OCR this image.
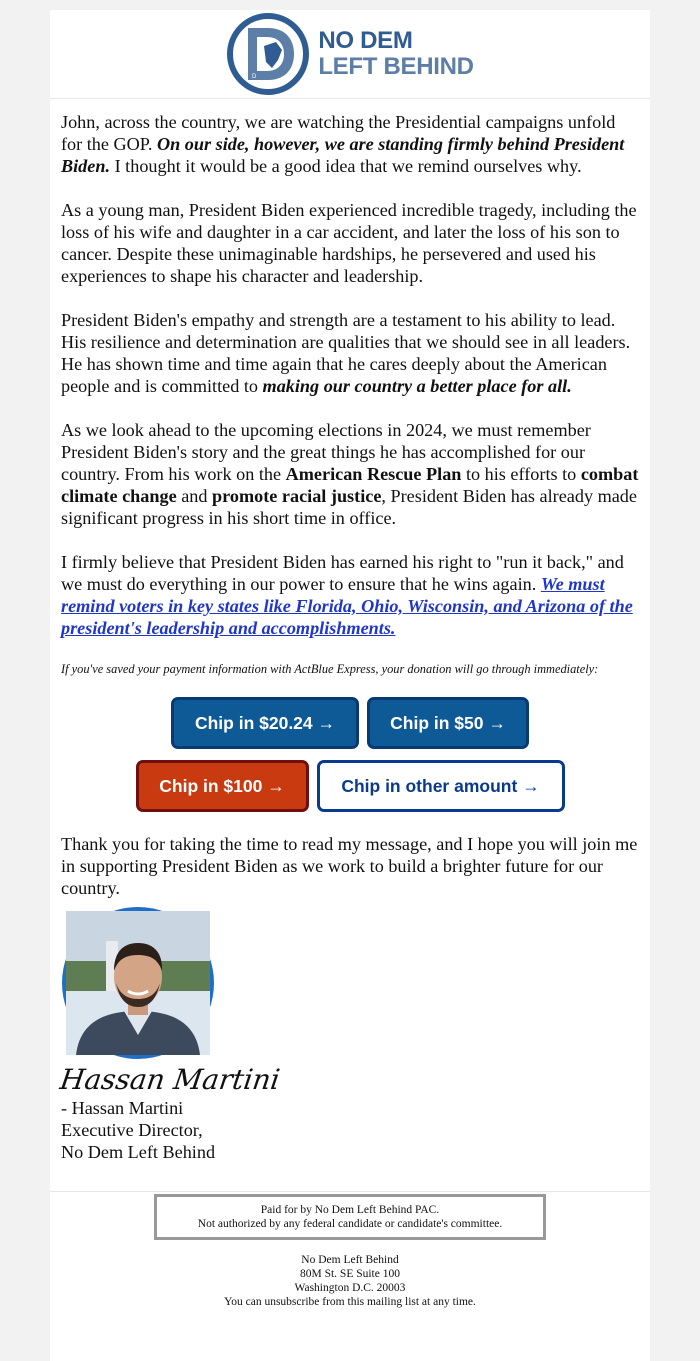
D
NO DEM
LEFT BEHIND

John, across the country, we are watching the Presidential campaigns unfold for the GOP. On our side, however, we are standing firmly behind President Biden. I thought it would be a good idea that we remind ourselves why.

As a young man, President Biden experienced incredible tragedy, including the loss of his wife and daughter in a car accident, and later the loss of his son to cancer. Despite these unimaginable hardships, he persevered and used his experiences to shape his character and leadership.

President Biden's empathy and strength are a testament to his ability to lead. His resilience and determination are qualities that we should see in all leaders. He has shown time and time again that he cares deeply about the American people and is committed to making our country a better place for all.

As we look ahead to the upcoming elections in 2024, we must remember President Biden's story and the great things he has accomplished for our country. From his work on the American Rescue Plan to his efforts to combat climate change and promote racial justice, President Biden has already made significant progress in his short time in office.

I firmly believe that President Biden has earned his right to "run it back," and we must do everything in our power to ensure that he wins again. We must remind voters in key states like Florida, Ohio, Wisconsin, and Arizona of the president's leadership and accomplishments.

If you've saved your payment information with ActBlue Express, your donation will go through immediately:

Chip in $20.24 →	Chip in $50 →
Chip in $100 →	Chip in other amount →

Thank you for taking the time to read my message, and I hope you will join me in supporting President Biden as we work to build a brighter future for our country.

Hassan Martini
- Hassan Martini
Executive Director,
No Dem Left Behind
Paid for by No Dem Left Behind PAC.
Not authorized by any federal candidate or candidate's committee.
No Dem Left Behind
80M St. SE Suite 100
Washington D.C. 20003
You can unsubscribe from this mailing list at any time.
